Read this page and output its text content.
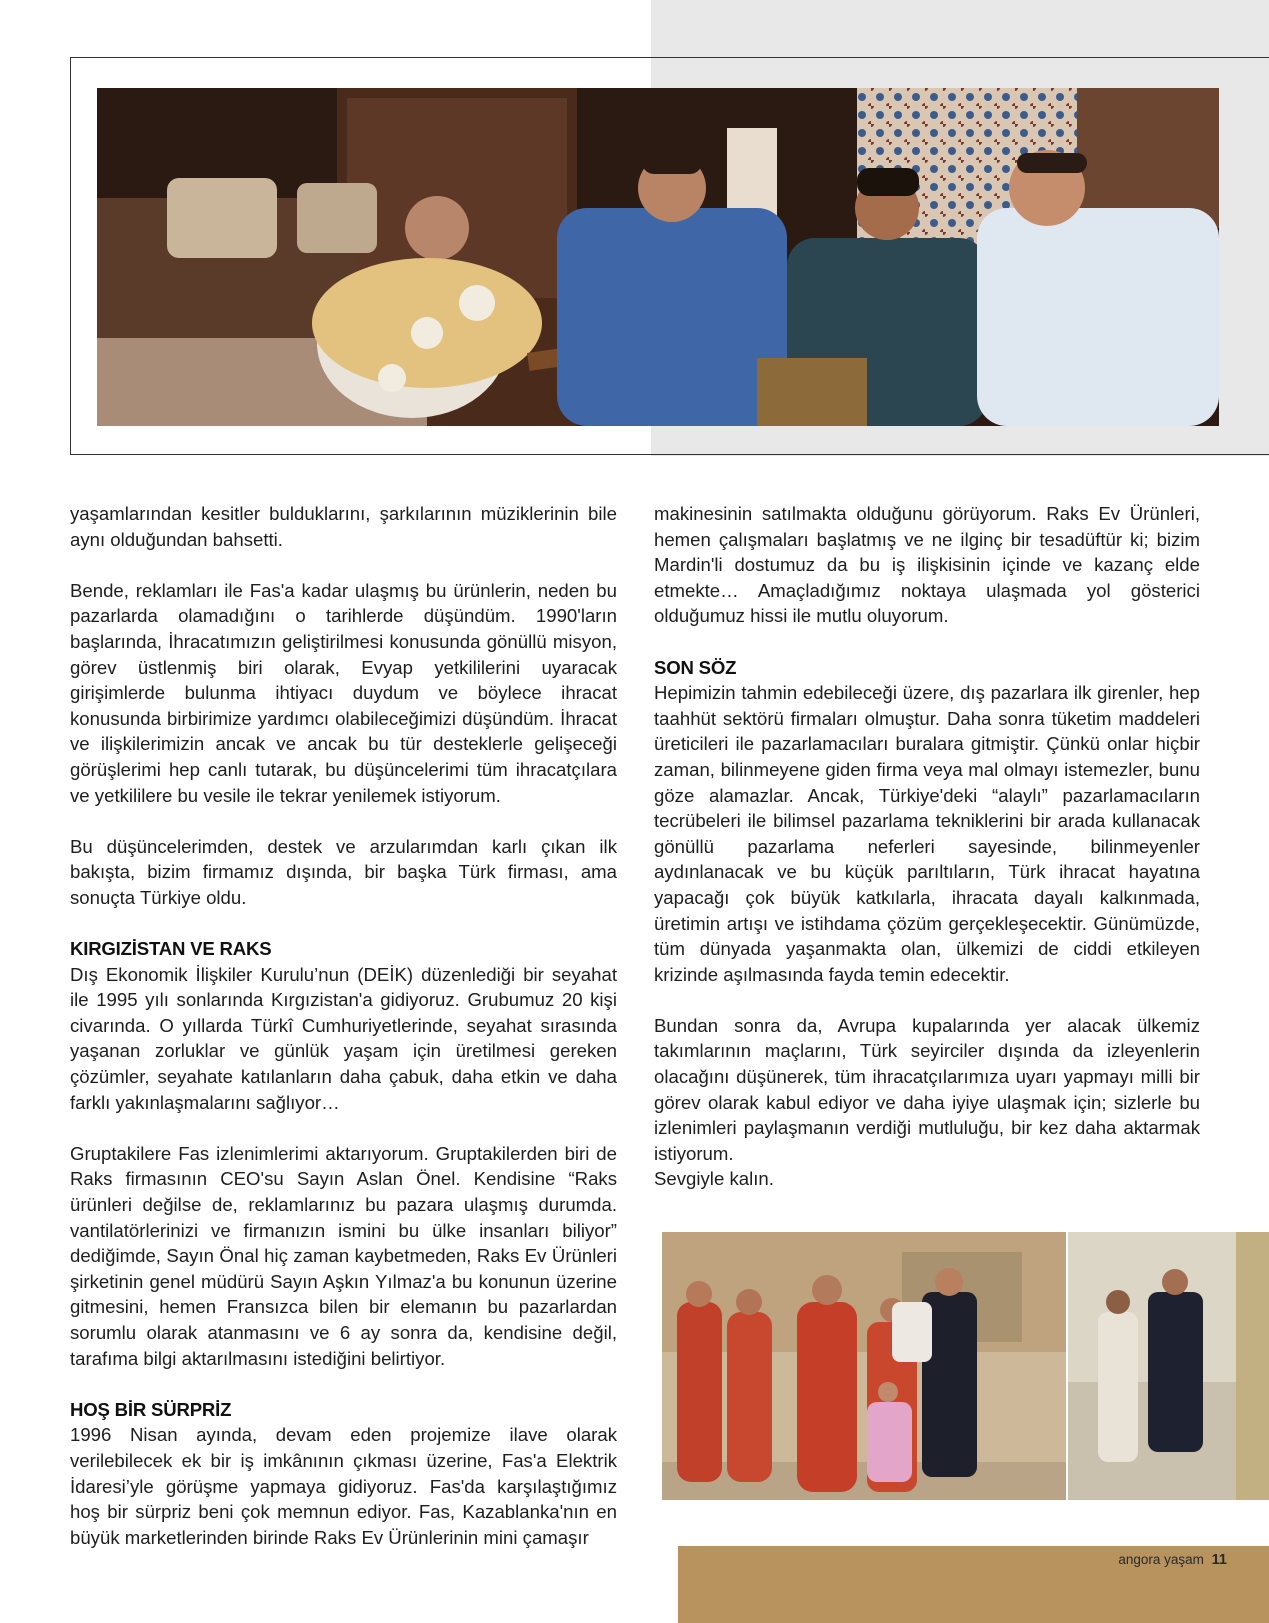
yaşamlarından kesitler bulduklarını, şarkılarının müziklerinin bile aynı olduğundan bahsetti.

Bende, reklamları ile Fas'a kadar ulaşmış bu ürünlerin, neden bu pazarlarda olamadığını o tarihlerde düşündüm. 1990'ların başlarında, İhracatımızın geliştirilmesi konusunda gönüllü misyon, görev üstlenmiş biri olarak, Evyap yetkililerini uyaracak girişimlerde bulunma ihtiyacı duydum ve böylece ihracat konusunda birbirimize yardımcı olabileceğimizi düşündüm. İhracat ve ilişkilerimizin ancak ve ancak bu tür desteklerle gelişeceği görüşlerimi hep canlı tutarak, bu düşüncelerimi tüm ihracatçılara ve yetkililere bu vesile ile tekrar yenilemek istiyorum.

Bu düşüncelerimden, destek ve arzularımdan karlı çıkan ilk bakışta, bizim firmamız dışında, bir başka Türk firması, ama sonuçta Türkiye oldu.

KIRGIZİSTAN VE RAKS

Dış Ekonomik İlişkiler Kurulu’nun (DEİK) düzenlediği bir seyahat ile 1995 yılı sonlarında Kırgızistan'a gidiyoruz. Grubumuz 20 kişi civarında. O yıllarda Türkî Cumhuriyetlerinde, seyahat sırasında yaşanan zorluklar ve günlük yaşam için üretilmesi gereken çözümler, seyahate katılanların daha çabuk, daha etkin ve daha farklı yakınlaşmalarını sağlıyor…

Gruptakilere Fas izlenimlerimi aktarıyorum. Gruptakilerden biri de Raks firmasının CEO'su Sayın Aslan Önel. Kendisine “Raks ürünleri değilse de, reklamlarınız bu pazara ulaşmış durumda. vantilatörlerinizi ve firmanızın ismini bu ülke insanları biliyor” dediğimde, Sayın Önal hiç zaman kaybetmeden, Raks Ev Ürünleri şirketinin genel müdürü Sayın Aşkın Yılmaz'a bu konunun üzerine gitmesini, hemen Fransızca bilen bir elemanın bu pazarlardan sorumlu olarak atanmasını ve 6 ay sonra da, kendisine değil, tarafıma bilgi aktarılmasını istediğini belirtiyor.

HOŞ BİR SÜRPRİZ

1996 Nisan ayında, devam eden projemize ilave olarak verilebilecek ek bir iş imkânının çıkması üzerine, Fas'a Elektrik İdaresi’yle görüşme yapmaya gidiyoruz. Fas'da karşılaştığımız hoş bir sürpriz beni çok memnun ediyor. Fas, Kazablanka'nın en büyük marketlerinden birinde Raks Ev Ürünlerinin mini çamaşır

makinesinin satılmakta olduğunu görüyorum. Raks Ev Ürünleri, hemen çalışmaları başlatmış ve ne ilginç bir tesadüftür ki; bizim Mardin'li dostumuz da bu iş ilişkisinin içinde ve kazanç elde etmekte… Amaçladığımız noktaya ulaşmada yol gösterici olduğumuz hissi ile mutlu oluyorum.

SON SÖZ

Hepimizin tahmin edebileceği üzere, dış pazarlara ilk girenler, hep taahhüt sektörü firmaları olmuştur. Daha sonra tüketim maddeleri üreticileri ile pazarlamacıları buralara gitmiştir. Çünkü onlar hiçbir zaman, bilinmeyene giden firma veya mal olmayı istemezler, bunu göze alamazlar. Ancak, Türkiye'deki “alaylı” pazarlamacıların tecrübeleri ile bilimsel pazarlama tekniklerini bir arada kullanacak gönüllü pazarlama neferleri sayesinde, bilinmeyenler aydınlanacak ve bu küçük parıltıların, Türk ihracat hayatına yapacağı çok büyük katkılarla, ihracata dayalı kalkınmada, üretimin artışı ve istihdama çözüm gerçekleşecektir. Günümüzde, tüm dünyada yaşanmakta olan, ülkemizi de ciddi etkileyen krizinde aşılmasında fayda temin edecektir.

Bundan sonra da, Avrupa kupalarında yer alacak ülkemiz takımlarının maçlarını, Türk seyirciler dışında da izleyenlerin olacağını düşünerek, tüm ihracatçılarımıza uyarı yapmayı milli bir görev olarak kabul ediyor ve daha iyiye ulaşmak için; sizlerle bu izlenimleri paylaşmanın verdiği mutluluğu, bir kez daha aktarmak istiyorum.

Sevgiyle kalın.

angora yaşam 11
